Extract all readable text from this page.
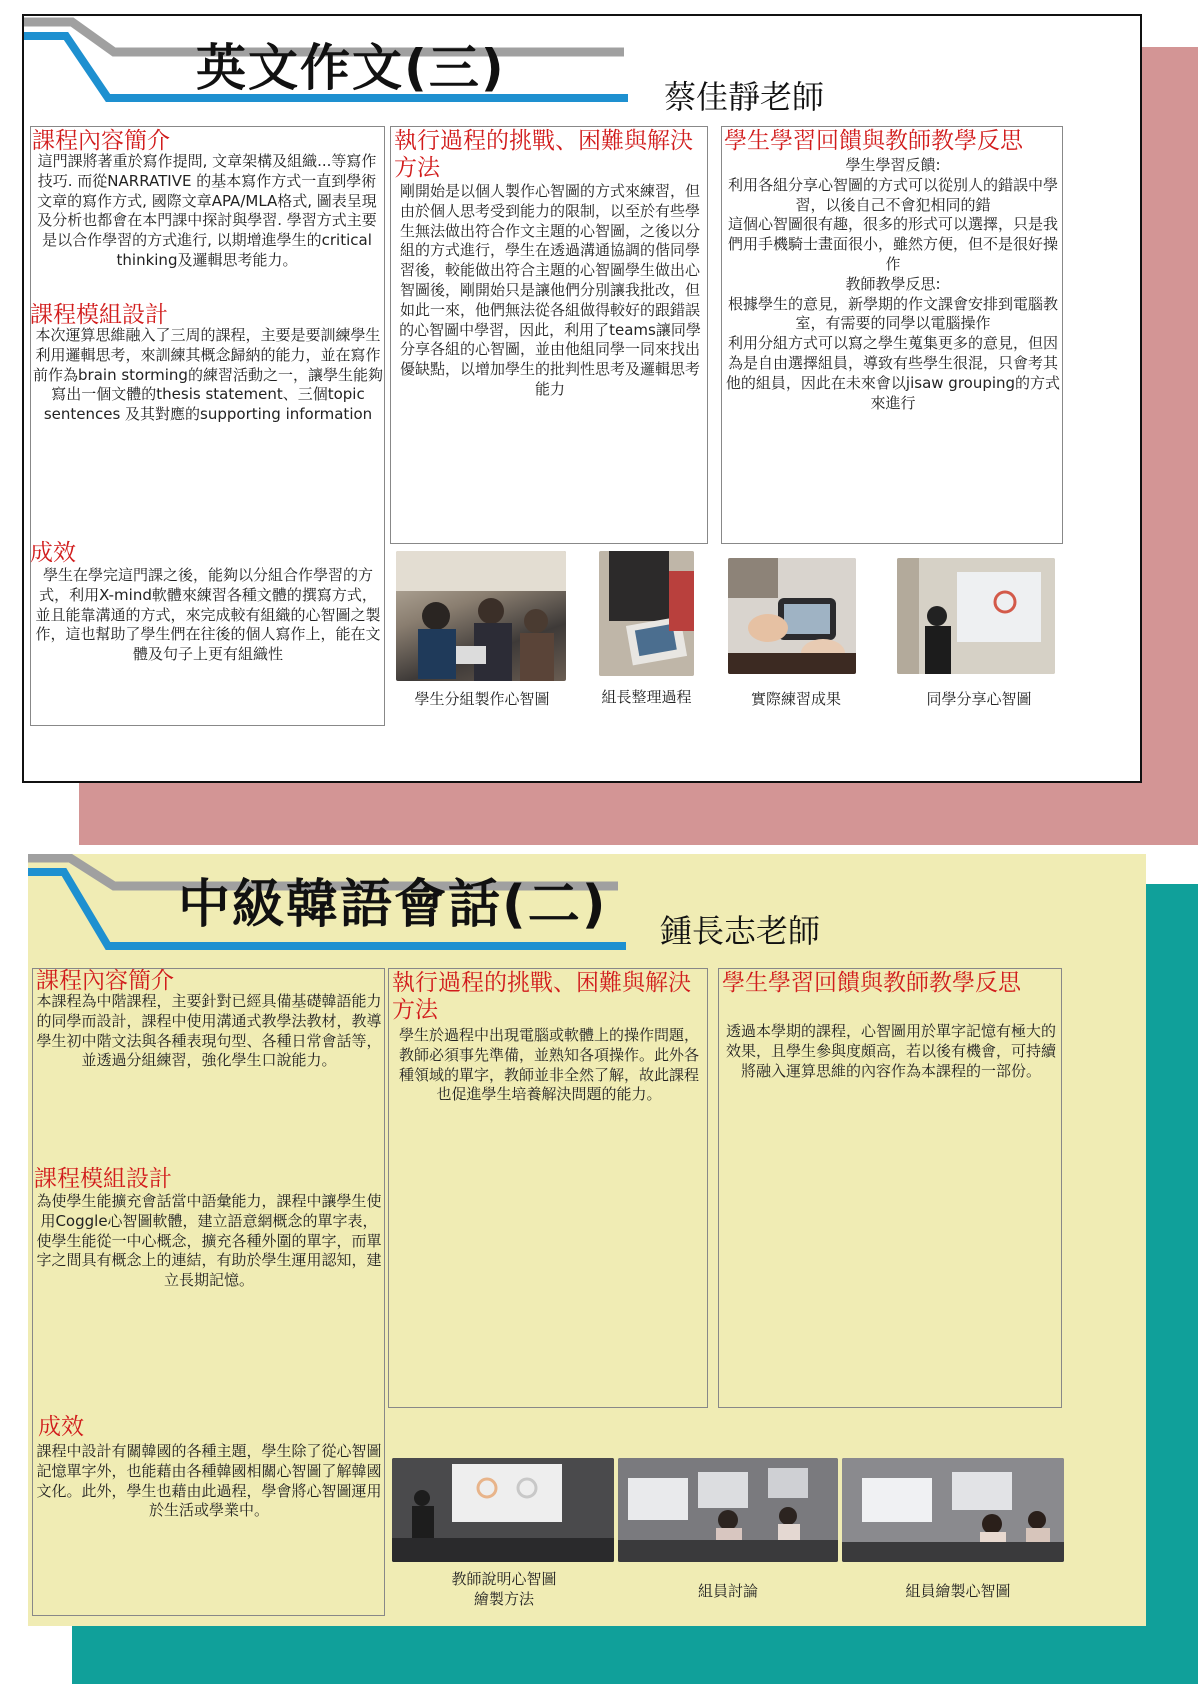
英文作文(三)	蔡佳靜老師
課程內容簡介
這門課將著重於寫作提問, 文章架構及組織...等寫作技巧. 而從NARRATIVE 的基本寫作方式一直到學術文章的寫作方式, 國際文章APA/MLA格式, 圖表呈現及分析也都會在本門課中探討與學習. 學習方式主要是以合作學習的方式進行, 以期增進學生的critical thinking及邏輯思考能力。
課程模組設計
本次運算思維融入了三周的課程，主要是要訓練學生利用邏輯思考，來訓練其概念歸納的能力，並在寫作前作為brain storming的練習活動之一，讓學生能夠寫出一個文體的thesis statement、三個topic sentences 及其對應的supporting information
成效
學生在學完這門課之後，能夠以分組合作學習的方式，利用X-mind軟體來練習各種文體的撰寫方式，並且能靠溝通的方式，來完成較有組織的心智圖之製作，這也幫助了學生們在往後的個人寫作上，能在文體及句子上更有組織性
執行過程的挑戰、困難與解決方法
剛開始是以個人製作心智圖的方式來練習，但由於個人思考受到能力的限制，以至於有些學生無法做出符合作文主題的心智圖，之後以分組的方式進行，學生在透過溝通協調的偕同學習後，較能做出符合主題的心智圖學生做出心智圖後，剛開始只是讓他們分別讓我批改，但如此一來，他們無法從各組做得較好的跟錯誤的心智圖中學習，因此，利用了teams讓同學分享各組的心智圖，並由他組同學一同來找出優缺點，以增加學生的批判性思考及邏輯思考能力
學生學習回饋與教師教學反思
學生學習反饋:
利用各組分享心智圖的方式可以從別人的錯誤中學習，以後自己不會犯相同的錯
這個心智圖很有趣，很多的形式可以選擇，只是我們用手機騎士畫面很小，雖然方便，但不是很好操作
教師教學反思:
根據學生的意見，新學期的作文課會安排到電腦教室，有需要的同學以電腦操作
利用分組方式可以寫之學生蒐集更多的意見，但因為是自由選擇組員，導致有些學生很混，只會考其他的組員，因此在未來會以jisaw grouping的方式來進行
學生分組製作心智圖	組長整理過程	實際練習成果	同學分享心智圖
中級韓語會話(二) 鍾長志老師
課程內容簡介
本課程為中階課程，主要針對已經具備基礎韓語能力的同學而設計，課程中使用溝通式教學法教材，教導學生初中階文法與各種表現句型、各種日常會話等，並透過分組練習，強化學生口說能力。
課程模組設計
為使學生能擴充會話當中語彙能力，課程中讓學生使用Coggle心智圖軟體，建立語意網概念的單字表，使學生能從一中心概念，擴充各種外圍的單字，而單字之間具有概念上的連結，有助於學生運用認知，建立長期記憶。
成效
課程中設計有關韓國的各種主題，學生除了從心智圖記憶單字外，也能藉由各種韓國相關心智圖了解韓國文化。此外，學生也藉由此過程，學會將心智圖運用於生活或學業中。
執行過程的挑戰、困難與解決方法
學生於過程中出現電腦或軟體上的操作問題，教師必須事先準備，並熟知各項操作。此外各種領域的單字，教師並非全然了解，故此課程也促進學生培養解決問題的能力。
學生學習回饋與教師教學反思
透過本學期的課程，心智圖用於單字記憶有極大的效果，且學生參與度頗高，若以後有機會，可持續將融入運算思維的內容作為本課程的一部份。
教師說明心智圖
繪製方法	組員討論	組員繪製心智圖
